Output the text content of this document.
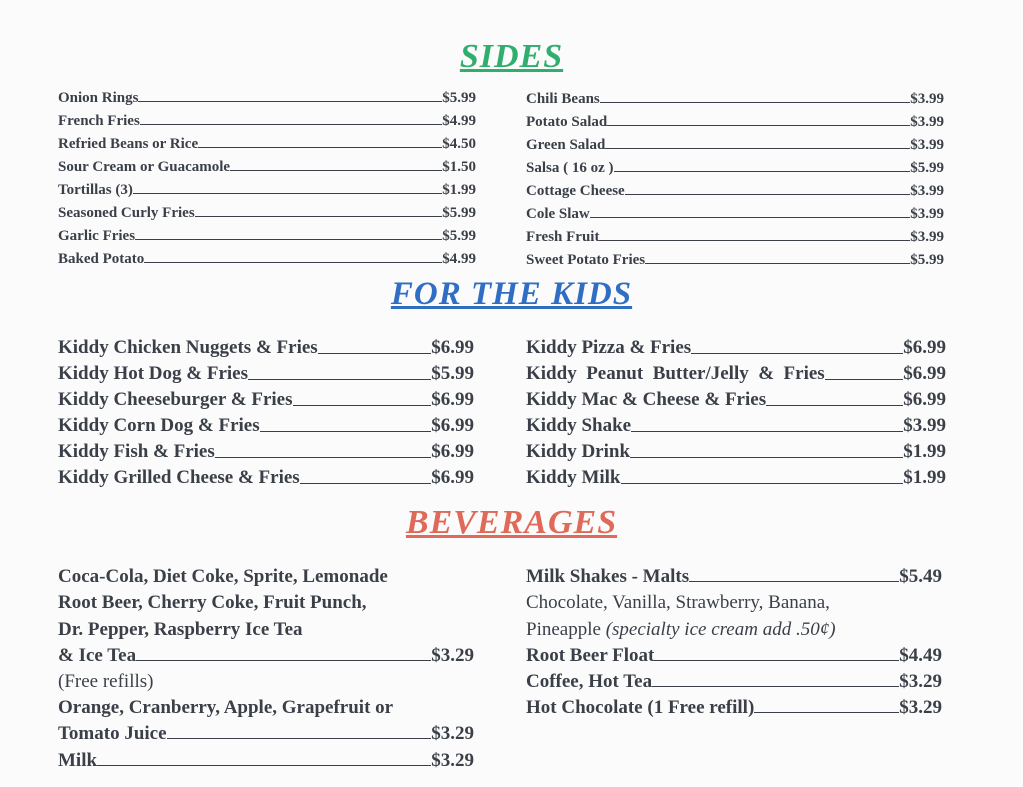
SIDES
FOR THE KIDS
BEVERAGES
Onion Rings	$5.99
French Fries	$4.99
Refried Beans or Rice	$4.50
Sour Cream or Guacamole	$1.50
Tortillas (3)	$1.99
Seasoned Curly Fries	$5.99
Garlic Fries	$5.99
Baked Potato	$4.99
Chili Beans	$3.99
Potato Salad	$3.99
Green Salad	$3.99
Salsa ( 16 oz )	$5.99
Cottage Cheese	$3.99
Cole Slaw	$3.99
Fresh Fruit	$3.99
Sweet Potato Fries	$5.99
Kiddy Chicken Nuggets & Fries	$6.99
Kiddy Hot Dog & Fries	$5.99
Kiddy Cheeseburger & Fries	$6.99
Kiddy Corn Dog & Fries	$6.99
Kiddy Fish & Fries	$6.99
Kiddy Grilled Cheese & Fries	$6.99
Kiddy Pizza & Fries	$6.99
Kiddy  Peanut  Butter/Jelly  &  Fries	$6.99
Kiddy Mac & Cheese & Fries	$6.99
Kiddy Shake	$3.99
Kiddy Drink	$1.99
Kiddy Milk	$1.99
Coca-Cola, Diet Coke, Sprite, Lemonade
Root Beer, Cherry Coke, Fruit Punch,
Dr. Pepper, Raspberry Ice Tea
& Ice Tea	$3.29
(Free refills)
Orange, Cranberry, Apple, Grapefruit or
Tomato Juice	$3.29
Milk	$3.29
Milk Shakes - Malts	$5.49
Chocolate, Vanilla, Strawberry, Banana,
Pineapple (specialty ice cream add .50¢)
Root Beer Float	$4.49
Coffee, Hot Tea	$3.29
Hot Chocolate (1 Free refill)	$3.29
